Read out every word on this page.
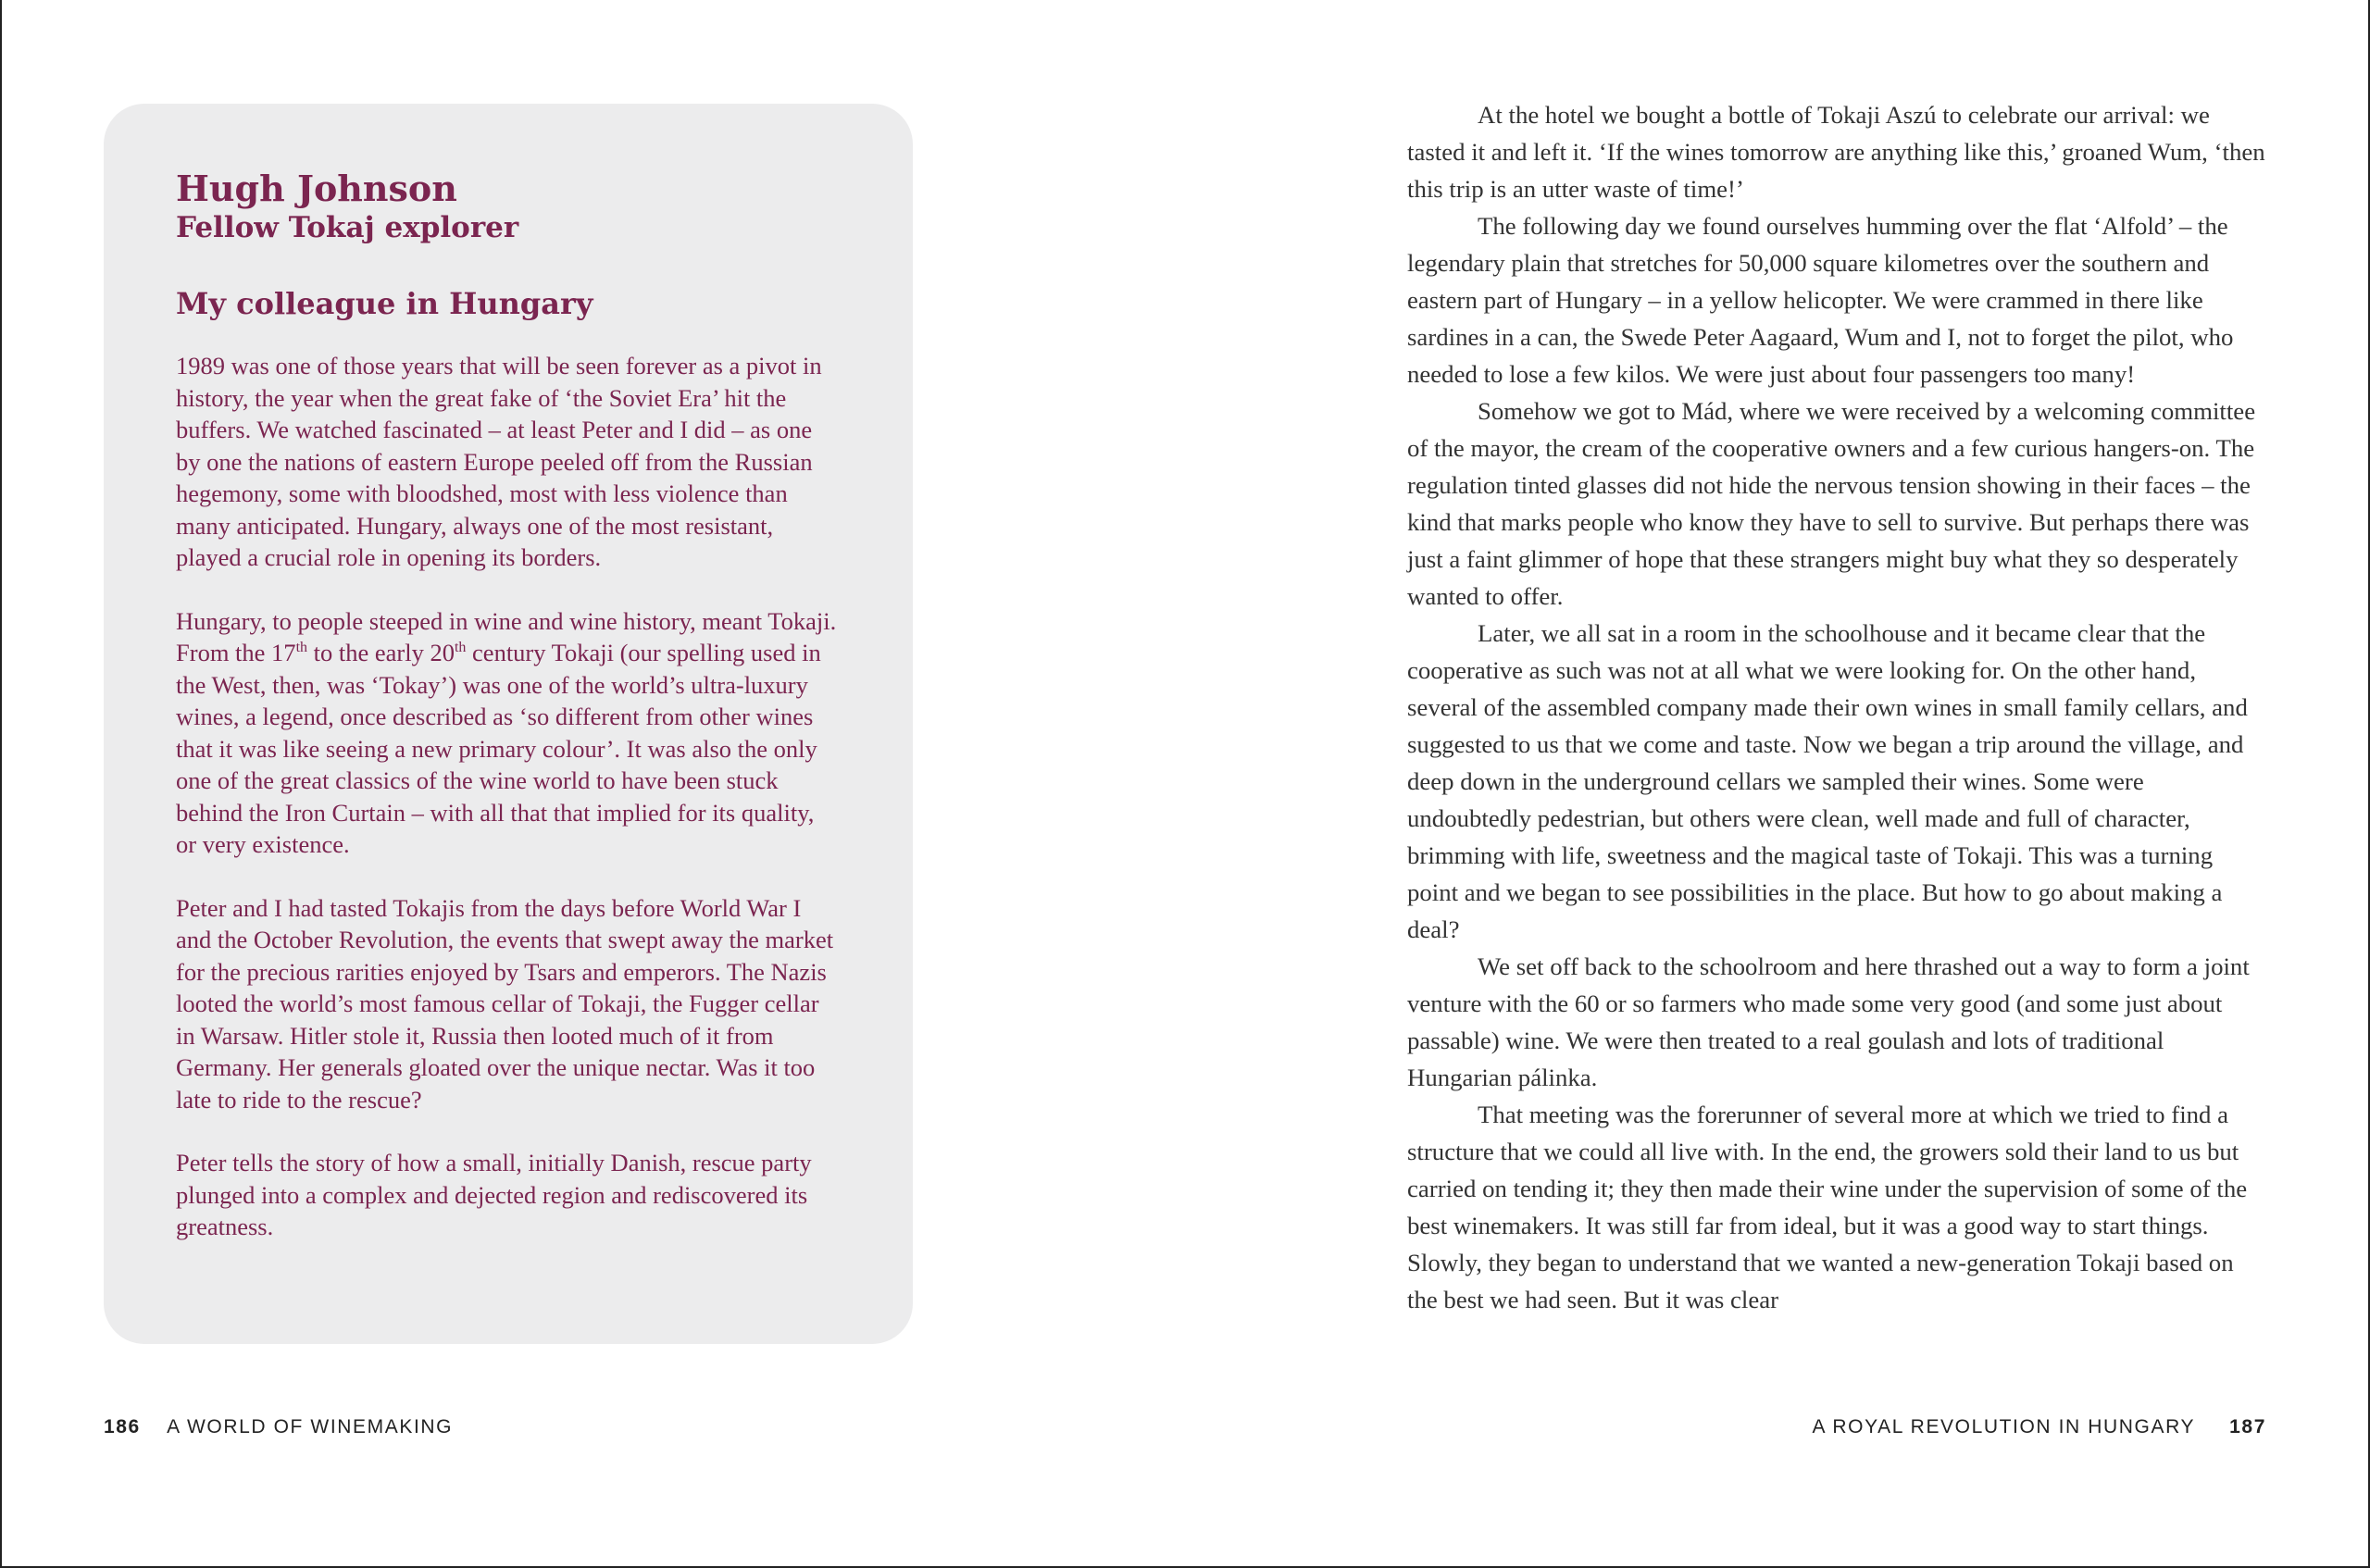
Hugh Johnson
Fellow Tokaj explorer
My colleague in Hungary

1989 was one of those years that will be seen forever as a pivot in history, the year when the great fake of ‘the Soviet Era’ hit the buffers. We watched fascinated – at least Peter and I did – as one by one the nations of eastern Europe peeled off from the Russian hegemony, some with bloodshed, most with less violence than many anticipated. Hungary, always one of the most resistant, played a crucial role in opening its borders.

Hungary, to people steeped in wine and wine history, meant Tokaji. From the 17th to the early 20th century Tokaji (our spelling used in the West, then, was ‘Tokay’) was one of the world’s ultra-luxury wines, a legend, once described as ‘so different from other wines that it was like seeing a new primary colour’. It was also the only one of the great classics of the wine world to have been stuck behind the Iron Curtain – with all that that implied for its quality, or very existence.

Peter and I had tasted Tokajis from the days before World War I and the October Revolution, the events that swept away the market for the precious rarities enjoyed by Tsars and emperors. The Nazis looted the world’s most famous cellar of Tokaji, the Fugger cellar in Warsaw. Hitler stole it, Russia then looted much of it from Germany. Her generals gloated over the unique nectar. Was it too late to ride to the rescue?

Peter tells the story of how a small, initially Danish, rescue party plunged into a complex and dejected region and rediscovered its greatness.

186 A WORLD OF WINEMAKING

At the hotel we bought a bottle of Tokaji Aszú to celebrate our arrival: we tasted it and left it. ‘If the wines tomorrow are anything like this,’ groaned Wum, ‘then this trip is an utter waste of time!’

The following day we found ourselves humming over the flat ‘Alfold’ – the legendary plain that stretches for 50,000 square kilometres over the southern and eastern part of Hungary – in a yellow helicopter. We were crammed in there like sardines in a can, the Swede Peter Aagaard, Wum and I, not to forget the pilot, who needed to lose a few kilos. We were just about four passengers too many!

Somehow we got to Mád, where we were received by a welcoming committee of the mayor, the cream of the cooperative owners and a few curious hangers-on. The regulation tinted glasses did not hide the nervous tension showing in their faces – the kind that marks people who know they have to sell to survive. But perhaps there was just a faint glimmer of hope that these strangers might buy what they so desperately wanted to offer.

Later, we all sat in a room in the schoolhouse and it became clear that the cooperative as such was not at all what we were looking for. On the other hand, several of the assembled company made their own wines in small family cellars, and suggested to us that we come and taste. Now we began a trip around the village, and deep down in the underground cellars we sampled their wines. Some were undoubtedly pedestrian, but others were clean, well made and full of character, brimming with life, sweetness and the magical taste of Tokaji. This was a turning point and we began to see possibilities in the place. But how to go about making a deal?

We set off back to the schoolroom and here thrashed out a way to form a joint venture with the 60 or so farmers who made some very good (and some just about passable) wine. We were then treated to a real goulash and lots of traditional Hungarian pálinka.

That meeting was the forerunner of several more at which we tried to find a structure that we could all live with. In the end, the growers sold their land to us but carried on tending it; they then made their wine under the supervision of some of the best winemakers. It was still far from ideal, but it was a good way to start things. Slowly, they began to understand that we wanted a new-generation Tokaji based on the best we had seen. But it was clear

A ROYAL REVOLUTION IN HUNGARY 187
